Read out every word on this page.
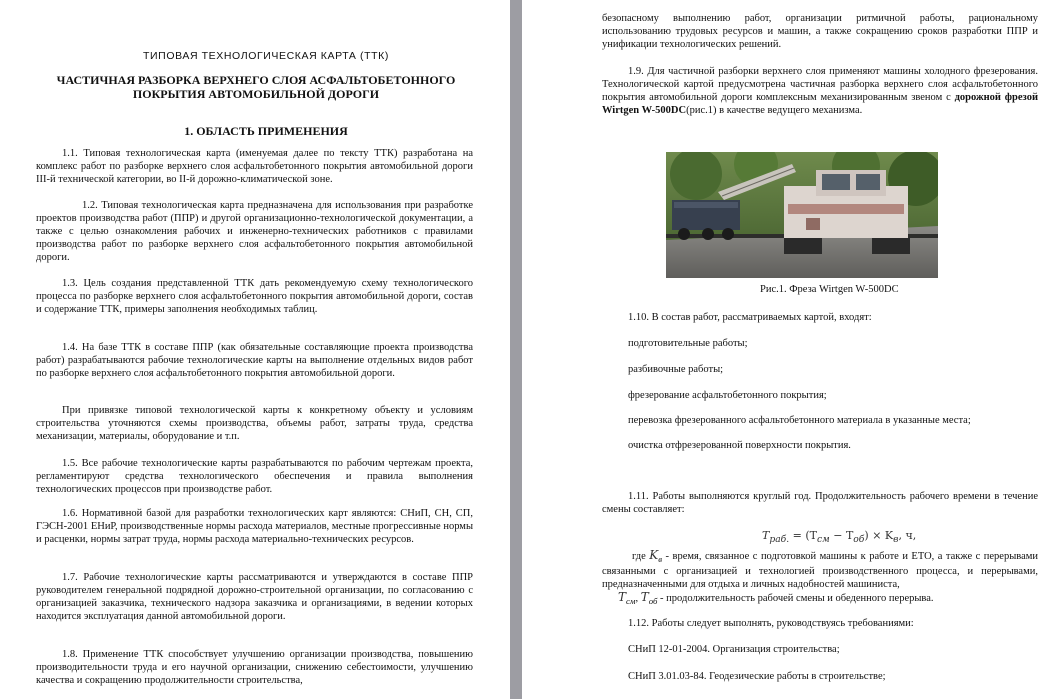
ТИПОВАЯ ТЕХНОЛОГИЧЕСКАЯ КАРТА (ТТК)
ЧАСТИЧНАЯ РАЗБОРКА ВЕРХНЕГО СЛОЯ АСФАЛЬТОБЕТОННОГО ПОКРЫТИЯ АВТОМОБИЛЬНОЙ ДОРОГИ
1. ОБЛАСТЬ ПРИМЕНЕНИЯ

1.1. Типовая технологическая карта (именуемая далее по тексту ТТК) разработана на комплекс работ по разборке верхнего слоя асфальтобетонного покрытия автомобильной дороги III-й технической категории, во II-й дорожно-климатической зоне.

1.2. Типовая технологическая карта предназначена для использования при разработке проектов производства работ (ППР) и другой организационно-технологической документации, а также с целью ознакомления рабочих и инженерно-технических работников с правилами производства работ по разборке верхнего слоя асфальтобетонного покрытия автомобильной дороги.

1.3. Цель создания представленной ТТК дать рекомендуемую схему технологического процесса по разборке верхнего слоя асфальтобетонного покрытия автомобильной дороги, состав и содержание ТТК, примеры заполнения необходимых таблиц.

1.4. На базе ТТК в составе ППР (как обязательные составляющие проекта производства работ) разрабатываются рабочие технологические карты на выполнение отдельных видов работ по разборке верхнего слоя асфальтобетонного покрытия автомобильной дороги.

При привязке типовой технологической карты к конкретному объекту и условиям строительства уточняются схемы производства, объемы работ, затраты труда, средства механизации, материалы, оборудование и т.п.

1.5. Все рабочие технологические карты разрабатываются по рабочим чертежам проекта, регламентируют средства технологического обеспечения и правила выполнения технологических процессов при производстве работ.

1.6. Нормативной базой для разработки технологических карт являются: СНиП, СН, СП, ГЭСН-2001 ЕНиР, производственные нормы расхода материалов, местные прогрессивные нормы и расценки, нормы затрат труда, нормы расхода материально-технических ресурсов.

1.7. Рабочие технологические карты рассматриваются и утверждаются в составе ППР руководителем генеральной подрядной дорожно-строительной организации, по согласованию с организацией заказчика, технического надзора заказчика и организациями, в ведении которых находится эксплуатация данной автомобильной дороги.

1.8. Применение ТТК способствует улучшению организации производства, повышению производительности труда и его научной организации, снижению себестоимости, улучшению качества и сокращению продолжительности строительства,

безопасному выполнению работ, организации ритмичной работы, рациональному использованию трудовых ресурсов и машин, а также сокращению сроков разработки ППР и унификации технологических решений.

1.9. Для частичной разборки верхнего слоя применяют машины холодного фрезерования. Технологической картой предусмотрена частичная разборка верхнего слоя асфальтобетонного покрытия автомобильной дороги комплексным механизированным звеном с дорожной фрезой Wirtgen W-500DC(рис.1) в качестве ведущего механизма.

Рис.1. Фреза Wirtgen W-500DC
1.10. В состав работ, рассматриваемых картой, входят:
подготовительные работы;
разбивочные работы;
фрезерование асфальтобетонного покрытия;
перевозка фрезерованного асфальтобетонного материала в указанные места;
очистка отфрезерованной поверхности покрытия.

1.11. Работы выполняются круглый год. Продолжительность рабочего времени в течение смены составляет:

$T_{раб.} = (T_{см} - T_{об}) \times K_в$, ч,

где $K_в$ - время, связанное с подготовкой машины к работе и ЕТО, а также с перерывами связанными с организацией и технологией производственного процесса, и перерывами, предназначенными для отдыха и личных надобностей машиниста,

$T_{см}$, $T_{об}$ - продолжительность рабочей смены и обеденного перерыва.

1.12. Работы следует выполнять, руководствуясь требованиями:
СНиП 12-01-2004. Организация строительства;
СНиП 3.01.03-84. Геодезические работы в строительстве;
